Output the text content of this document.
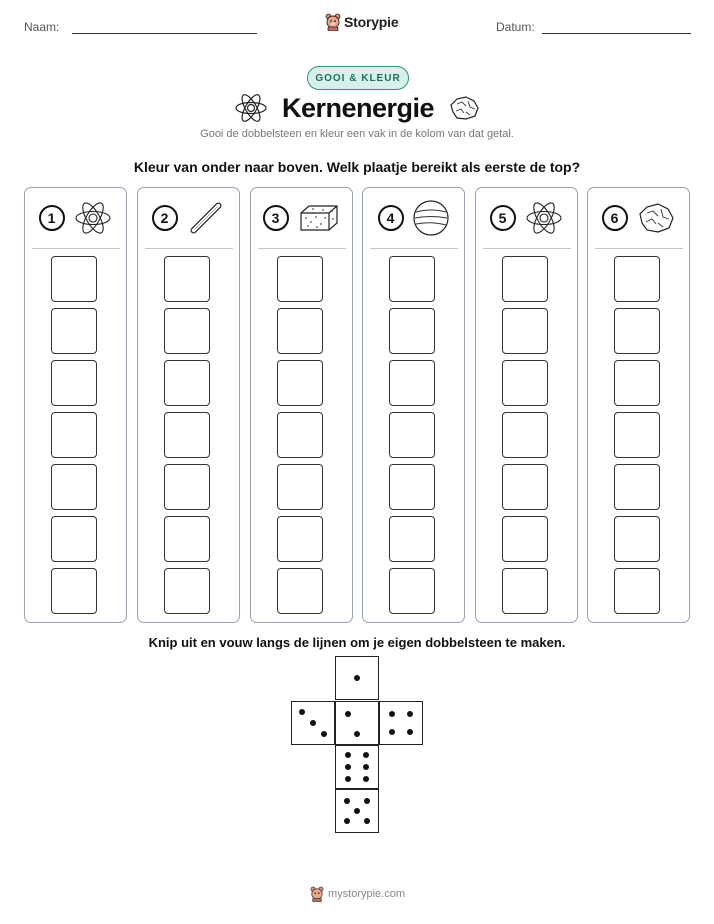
Naam:	Storypie	Datum:
GOOI & KLEUR
Kernenergie
Gooi de dobbelsteen en kleur een vak in de kolom van dat getal.
Kleur van onder naar boven. Welk plaatje bereikt als eerste de top?
1	2	3	4	5	6
Knip uit en vouw langs de lijnen om je eigen dobbelsteen te maken.
mystorypie.com
